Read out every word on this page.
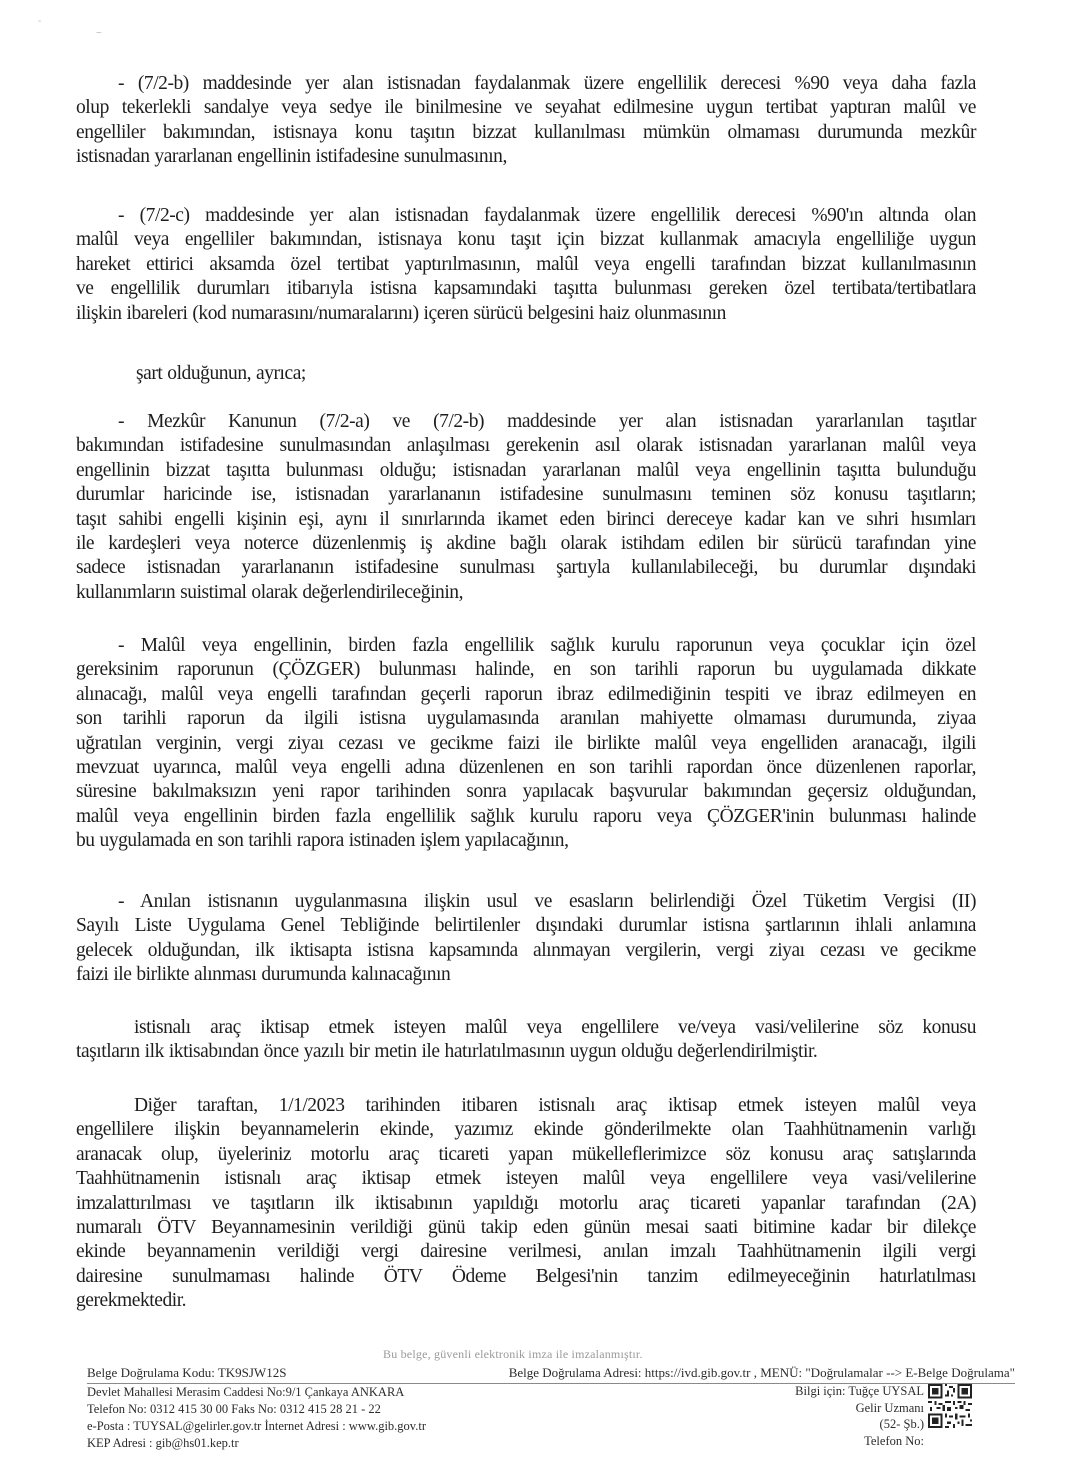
-
~
- (7/2-b) maddesinde yer alan istisnadan faydalanmak üzere engellilik derecesi %90 veya daha fazla
olup tekerlekli sandalye veya sedye ile binilmesine ve seyahat edilmesine uygun tertibat yaptıran malûl ve
engelliler bakımından, istisnaya konu taşıtın bizzat kullanılması mümkün olmaması durumunda mezkûr
istisnadan yararlanan engellinin istifadesine sunulmasının,
- (7/2-c) maddesinde yer alan istisnadan faydalanmak üzere engellilik derecesi %90'ın altında olan
malûl veya engelliler bakımından, istisnaya konu taşıt için bizzat kullanmak amacıyla engelliliğe uygun
hareket ettirici aksamda özel tertibat yaptırılmasının, malûl veya engelli tarafından bizzat kullanılmasının
ve engellilik durumları itibarıyla istisna kapsamındaki taşıtta bulunması gereken özel tertibata/tertibatlara
ilişkin ibareleri (kod numarasını/numaralarını) içeren sürücü belgesini haiz olunmasının
şart olduğunun, ayrıca;
- Mezkûr Kanunun (7/2-a) ve (7/2-b) maddesinde yer alan istisnadan yararlanılan taşıtlar
bakımından istifadesine sunulmasından anlaşılması gerekenin asıl olarak istisnadan yararlanan malûl veya
engellinin bizzat taşıtta bulunması olduğu; istisnadan yararlanan malûl veya engellinin taşıtta bulunduğu
durumlar haricinde ise, istisnadan yararlananın istifadesine sunulmasını teminen söz konusu taşıtların;
taşıt sahibi engelli kişinin eşi, aynı il sınırlarında ikamet eden birinci dereceye kadar kan ve sıhri hısımları
ile kardeşleri veya noterce düzenlenmiş iş akdine bağlı olarak istihdam edilen bir sürücü tarafından yine
sadece istisnadan yararlananın istifadesine sunulması şartıyla kullanılabileceği, bu durumlar dışındaki
kullanımların suistimal olarak değerlendirileceğinin,
- Malûl veya engellinin, birden fazla engellilik sağlık kurulu raporunun veya çocuklar için özel
gereksinim raporunun (ÇÖZGER) bulunması halinde, en son tarihli raporun bu uygulamada dikkate
alınacağı, malûl veya engelli tarafından geçerli raporun ibraz edilmediğinin tespiti ve ibraz edilmeyen en
son tarihli raporun da ilgili istisna uygulamasında aranılan mahiyette olmaması durumunda, ziyaa
uğratılan verginin, vergi ziyaı cezası ve gecikme faizi ile birlikte malûl veya engelliden aranacağı, ilgili
mevzuat uyarınca, malûl veya engelli adına düzenlenen en son tarihli rapordan önce düzenlenen raporlar,
süresine bakılmaksızın yeni rapor tarihinden sonra yapılacak başvurular bakımından geçersiz olduğundan,
malûl veya engellinin birden fazla engellilik sağlık kurulu raporu veya ÇÖZGER'inin bulunması halinde
bu uygulamada en son tarihli rapora istinaden işlem yapılacağının,
- Anılan istisnanın uygulanmasına ilişkin usul ve esasların belirlendiği Özel Tüketim Vergisi (II)
Sayılı Liste Uygulama Genel Tebliğinde belirtilenler dışındaki durumlar istisna şartlarının ihlali anlamına
gelecek olduğundan, ilk iktisapta istisna kapsamında alınmayan vergilerin, vergi ziyaı cezası ve gecikme
faizi ile birlikte alınması durumunda kalınacağının
istisnalı araç iktisap etmek isteyen malûl veya engellilere ve/veya vasi/velilerine söz konusu
taşıtların ilk iktisabından önce yazılı bir metin ile hatırlatılmasının uygun olduğu değerlendirilmiştir.
Diğer taraftan, 1/1/2023 tarihinden itibaren istisnalı araç iktisap etmek isteyen malûl veya
engellilere ilişkin beyannamelerin ekinde, yazımız ekinde gönderilmekte olan Taahhütnamenin varlığı
aranacak olup, üyeleriniz motorlu araç ticareti yapan mükelleflerimizce söz konusu araç satışlarında
Taahhütnamenin istisnalı araç iktisap etmek isteyen malûl veya engellilere veya vasi/velilerine
imzalattırılması ve taşıtların ilk iktisabının yapıldığı motorlu araç ticareti yapanlar tarafından (2A)
numaralı ÖTV Beyannamesinin verildiği günü takip eden günün mesai saati bitimine kadar bir dilekçe
ekinde beyannamenin verildiği vergi dairesine verilmesi, anılan imzalı Taahhütnamenin ilgili vergi
dairesine sunulmaması halinde ÖTV Ödeme Belgesi'nin tanzim edilmeyeceğinin hatırlatılması
gerekmektedir.
Bu belge, güvenli elektronik imza ile imzalanmıştır.
Belge Doğrulama Kodu: TK9SJW12S	Belge Doğrulama Adresi: https://ivd.gib.gov.tr , MENÜ: "Doğrulamalar --> E-Belge Doğrulama"
Devlet Mahallesi Merasim Caddesi No:9/1 Çankaya ANKARA
Telefon No: 0312 415 30 00 Faks No: 0312 415 28 21 - 22
e-Posta : TUYSAL@gelirler.gov.tr İnternet Adresi : www.gib.gov.tr
KEP Adresi : gib@hs01.kep.tr
Bilgi için: Tuğçe UYSAL
Gelir Uzmanı
(52- Şb.)
Telefon No:
